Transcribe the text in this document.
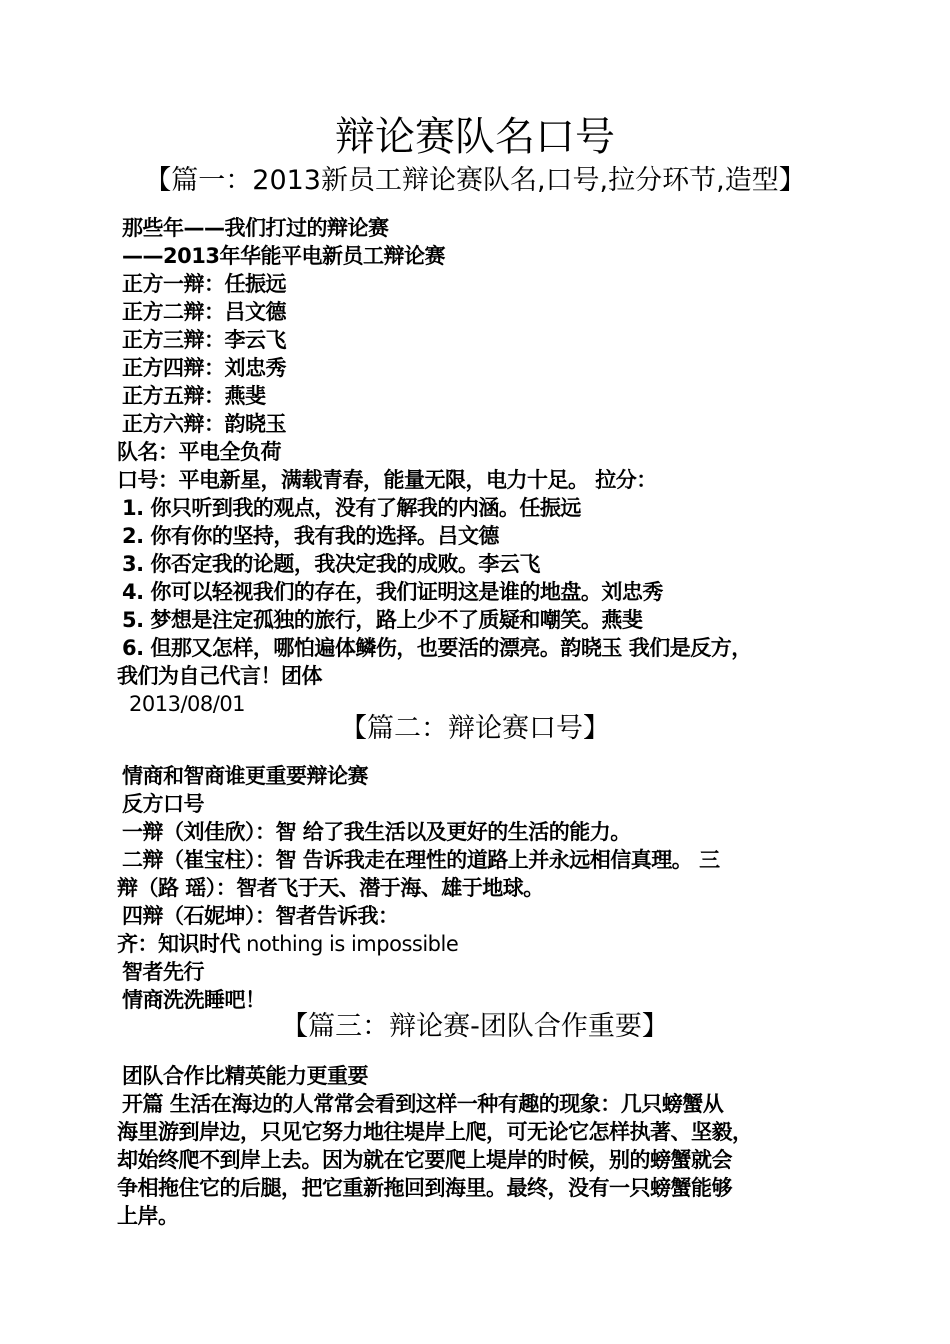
辩论赛队名口号
【篇一：2013新员工辩论赛队名,口号,拉分环节,造型】
那些年——我们打过的辩论赛
——2013年华能平电新员工辩论赛
正方一辩：任振远
正方二辩：吕文德
正方三辩：李云飞
正方四辩：刘忠秀
正方五辩：燕斐
正方六辩：韵晓玉
队名：平电全负荷
口号：平电新星，满载青春，能量无限，电力十足。 拉分：
1. 你只听到我的观点，没有了解我的内涵。任振远
2. 你有你的坚持，我有我的选择。吕文德
3. 你否定我的论题，我决定我的成败。李云飞
4. 你可以轻视我们的存在，我们证明这是谁的地盘。刘忠秀
5. 梦想是注定孤独的旅行，路上少不了质疑和嘲笑。燕斐
6. 但那又怎样，哪怕遍体鳞伤，也要活的漂亮。韵晓玉 我们是反方，
我们为自己代言！团体
2013/08/01
【篇二：辩论赛口号】
情商和智商谁更重要辩论赛
反方口号
一辩（刘佳欣）：智 给了我生活以及更好的生活的能力。
二辩（崔宝柱）：智 告诉我走在理性的道路上并永远相信真理。 三
辩（路 瑶）：智者飞于天、潜于海、雄于地球。
四辩（石妮坤）：智者告诉我：
齐：知识时代 nothing is impossible
智者先行
情商洗洗睡吧！
【篇三：辩论赛-团队合作重要】
团队合作比精英能力更重要
开篇 生活在海边的人常常会看到这样一种有趣的现象：几只螃蟹从
海里游到岸边，只见它努力地往堤岸上爬，可无论它怎样执著、坚毅，
却始终爬不到岸上去。因为就在它要爬上堤岸的时候，别的螃蟹就会
争相拖住它的后腿，把它重新拖回到海里。最终，没有一只螃蟹能够
上岸。
